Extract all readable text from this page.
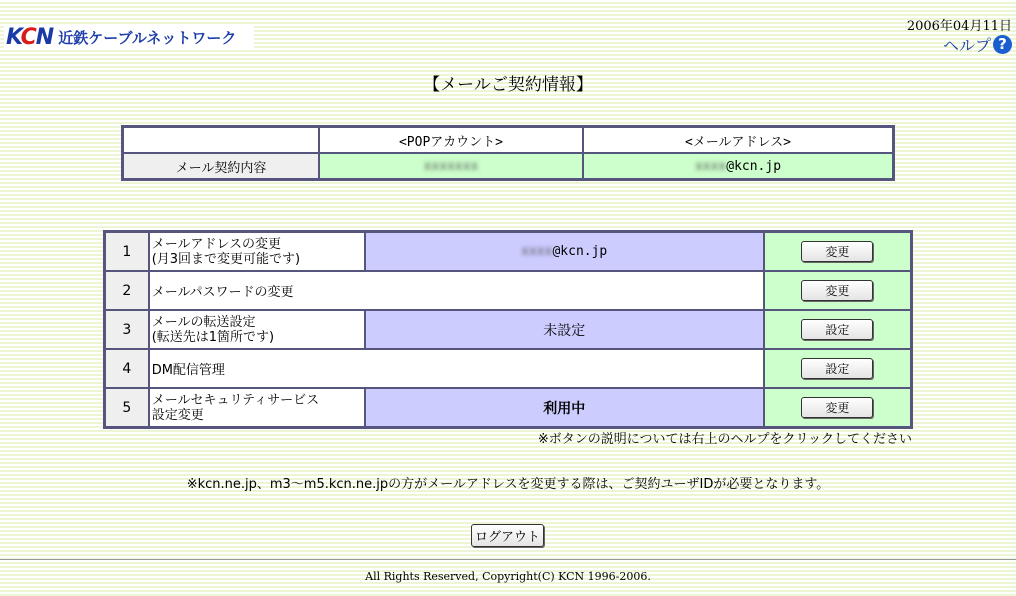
KCN 近鉄ケーブルネットワーク
2006年04月11日
ヘルプ ?
【メールご契約情報】
	<POPアカウント>	<メールアドレス>
メール契約内容	xxxxxxx	xxxx@kcn.jp
1	メールアドレスの変更
(月3回まで変更可能です)	xxxx@kcn.jp	変更
2	メールパスワードの変更		変更
3	メールの転送設定
(転送先は1箇所です)	未設定	設定
4	DM配信管理		設定
5	メールセキュリティサービス
設定変更	利用中	変更
※ボタンの説明については右上のヘルプをクリックしてください
※kcn.ne.jp、m3〜m5.kcn.ne.jpの方がメールアドレスを変更する際は、ご契約ユーザIDが必要となります。
ログアウト
All Rights Reserved, Copyright(C) KCN 1996-2006.
